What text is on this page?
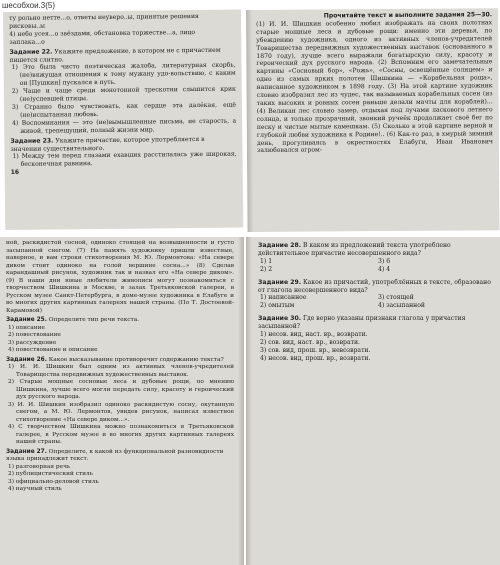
шесобхои.3(5)
ту рольно нетте...о, ответы неуверо..ы, принятые решения
рисковы..ы
4) небо усея...о звёздами, обстановка торжестве...а, лицо
заплака...о
Задание 22. Укажите предложение, в котором не с причастием пишется слитно.
1) Это была чисто поэтическая жалоба, литературная скорбь, (не)вяжущая отношения к тому мужану удо-вольствию, с каким он [Пушкин] пускался в путь.
2) Чаще и чаще среди монотонной трескотни слышится крик (не)успевшей птицы.
3) Странно было чувствовать, как сердце эта далёкая, ещё (не)испытанная любовь.
4) Воспоминания — это (не)вымышленные письма, не старость, а живой, трепещущий, полный жизни мир.
Задание 23. Укажите причастие, которое употребляется в значении существительного.
1) Между тем перед глазами ехавших расстилалась уже широкая, бесконечная равнина.
16
Прочитайте текст и выполните задания 25—30.
(1) И. И. Шишкин особенно любил изображать на своих полотнах старые мощные леса и дубовые рощи: именно эти деревья, по убеждению художника, одного из активных членов-учредителей Товарищества передвижных художественных выставок (основанного в 1870 году), лучше всего выражали богатырскую силу, красоту и героический дух русского народа. (2) Вспомним его замечательные картины «Сосновый бор», «Рожь», «Сосны, освещённые солнцем» и одно из самых ярких полотен Шишкина — «Корабельная роща», написанное художником в 1898 году. (3) На этой картине художник словно изобразил лес из чудес, так называемых корабельных сосен (из таких высоких и ровных сосен раньше делали мачты для кораблей)... (4) Великан лес словно замер, отдыхая под лучами ласкового летнего солнца, и только прозрачный, звонкий ручеёк продолжает своё бег по песку и чистые мытые камешкам. (5) Сколько в этой картине верной и глубокой любви художника к Родине!.. (6) Как-то раз, в хмурый зимний день, прогуливаясь в окрестностях Елабуги, Иван Иванович залюбовался огром-
ной, раскидистой сосной, одиноко стоящей на возвышенности и густо засыпанной снегом. (7) На память художнику пришли известные, наверное, и вам строки стихотворения М. Ю. Лермонтова: «На севере диком стоит одиноко на голой вершине сосна...» (8) Сделав карандашный рисунок, художник так и назвал его «На севере диком». (9) В наши дни юные любители живописи могут познакомиться с творчеством Шишкина в Москве, в залах Третьяковской галереи, в Русском музее Санкт-Петербурга, в доме-музее художника в Елабуге и во многих других картинных галереях нашей страны. (По Т. Достоевой-Карамовой)
Задание 25. Определите тип речи текста.
1) описание
2) повествование
3) рассуждение
4) повествование и описание
Задание 26. Какое высказывание противоречит содержанию текста?
1) И. И. Шишкин был одним из активных членов-учредителей Товарищества передвижных художественных выставок.
2) Старые мощные сосновые леса и дубовые рощи, по мнению Шишкина, лучше всего могли передать силу, красоту и героический дух русского народа.
3) И. И. Шишкин изобразил одиноко раскидистую сосну, окутанную снегом, а М. Ю. Лермонтов, увидев рисунок, написал известное стихотворение «На севере диком...».
4) С творчеством Шишкина можно познакомиться в Третьяковской галерее, в Русском музее и во многих других картинных галереях нашей страны.
Задание 27. Определите, к какой из функциональной разновидности языка принадлежит текст.
1) разговорная речь
2) публицистический стиль
3) официально-деловой стиль
4) научный стиль
Задание 28. В каком из предложений текста употреблено действительное причастие несовершенного вида?
1) 1
2) 2
3) 6
4) 4
Задание 29. Какое из причастий, употреблённых в тексте, образовано от глагола несовершенного вида?
1) написанное
2) омытым
3) стоящей
4) засыпанной
Задание 30. Где верно указаны признаки глагола у причастия засыпанной?
1) несов. вид, наст. вр., возврати.
2) сов. вид, наст. вр., возврати.
3) сов. вид, прош. вр., невозврати.
4) несов. вид, прош. вр., возврати.
